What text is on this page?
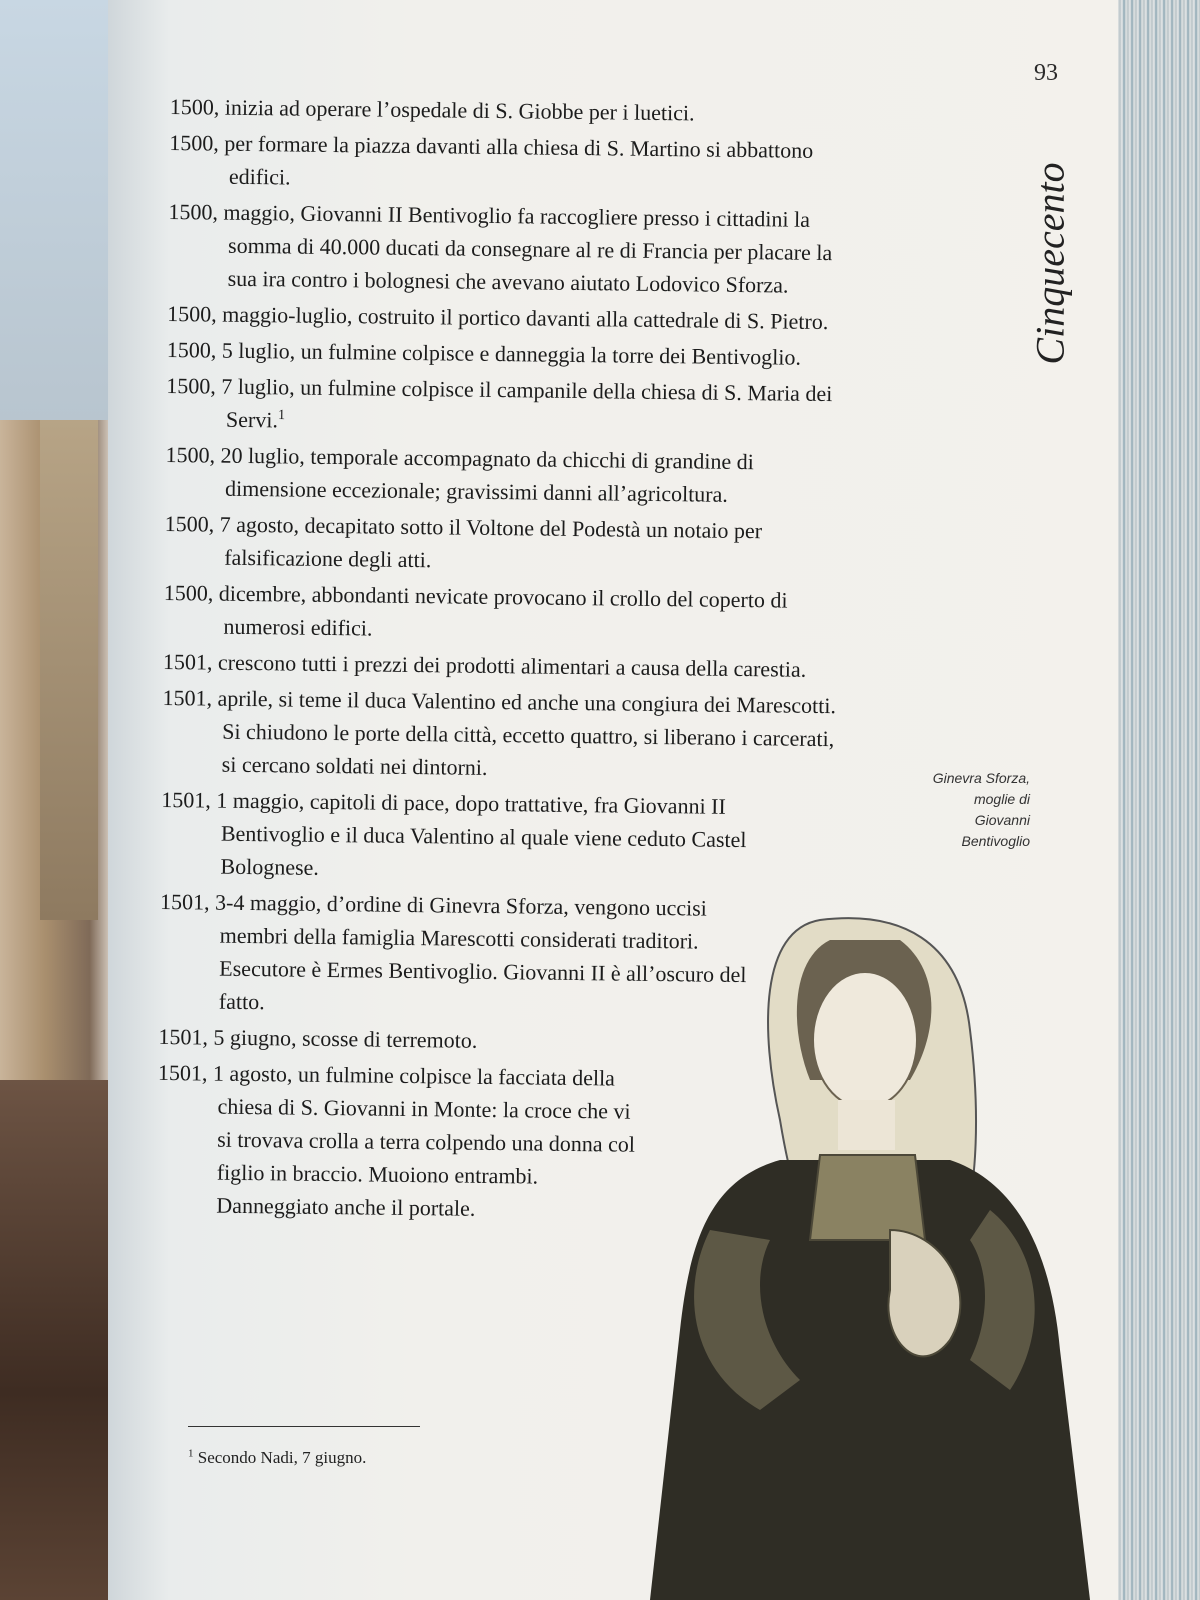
93
Cinquecento

1500, inizia ad operare l’ospedale di S. Giobbe per i luetici.

1500, per formare la piazza davanti alla chiesa di S. Martino si abbattono edifici.

1500, maggio, Giovanni II Bentivoglio fa raccogliere presso i cittadini la somma di 40.000 ducati da consegnare al re di Francia per placare la sua ira contro i bolognesi che avevano aiutato Lodovico Sforza.

1500, maggio-luglio, costruito il portico davanti alla cattedrale di S. Pietro.

1500, 5 luglio, un fulmine colpisce e danneggia la torre dei Bentivoglio.

1500, 7 luglio, un fulmine colpisce il campanile della chiesa di S. Maria dei Servi.$^1$

1500, 20 luglio, temporale accompagnato da chicchi di grandine di dimensione eccezionale; gravissimi danni all’agricoltura.

1500, 7 agosto, decapitato sotto il Voltone del Podestà un notaio per falsificazione degli atti.

1500, dicembre, abbondanti nevicate provocano il crollo del coperto di numerosi edifici.

1501, crescono tutti i prezzi dei prodotti alimentari a causa della carestia.

1501, aprile, si teme il duca Valentino ed anche una congiura dei Marescotti. Si chiudono le porte della città, eccetto quattro, si liberano i carcerati, si cercano soldati nei dintorni.

1501, 1 maggio, capitoli di pace, dopo trattative, fra Giovanni II Bentivoglio e il duca Valentino al quale viene ceduto Castel Bolognese.

1501, 3-4 maggio, d’ordine di Ginevra Sforza, vengono uccisi membri della famiglia Marescotti considerati traditori. Esecutore è Ermes Bentivoglio. Giovanni II è all’oscuro del fatto.

1501, 5 giugno, scosse di terremoto.

1501, 1 agosto, un fulmine colpisce la facciata della chiesa di S. Giovanni in Monte: la croce che vi si trovava crolla a terra colpendo una donna col figlio in braccio. Muoiono entrambi. Danneggiato anche il portale.

$^1$ Secondo Nadi, 7 giugno.
Ginevra Sforza,
moglie di
Giovanni
Bentivoglio
